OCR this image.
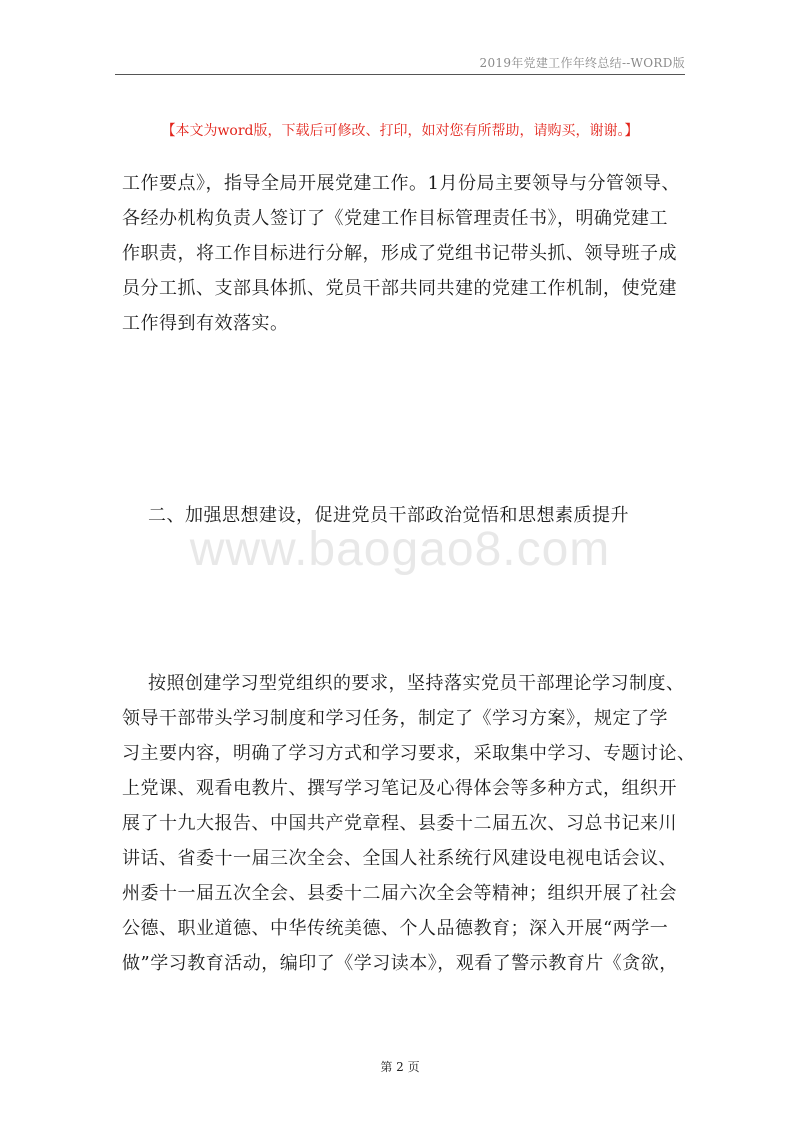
2019年党建工作年终总结--WORD版
【本文为word版，下载后可修改、打印，如对您有所帮助，请购买，谢谢。】
工作要点》，指导全局开展党建工作。1月份局主要领导与分管领导、
各经办机构负责人签订了《党建工作目标管理责任书》，明确党建工
作职责，将工作目标进行分解，形成了党组书记带头抓、领导班子成
员分工抓、支部具体抓、党员干部共同共建的党建工作机制，使党建
工作得到有效落实。
二、加强思想建设，促进党员干部政治觉悟和思想素质提升
www.baogao8.com
按照创建学习型党组织的要求，坚持落实党员干部理论学习制度、
领导干部带头学习制度和学习任务，制定了《学习方案》，规定了学
习主要内容，明确了学习方式和学习要求，采取集中学习、专题讨论、
上党课、观看电教片、撰写学习笔记及心得体会等多种方式，组织开
展了十九大报告、中国共产党章程、县委十二届五次、习总书记来川
讲话、省委十一届三次全会、全国人社系统行风建设电视电话会议、
州委十一届五次全会、县委十二届六次全会等精神；组织开展了社会
公德、职业道德、中华传统美德、个人品德教育；深入开展“两学一
做”学习教育活动，编印了《学习读本》，观看了警示教育片《贪欲，
第 2 页
